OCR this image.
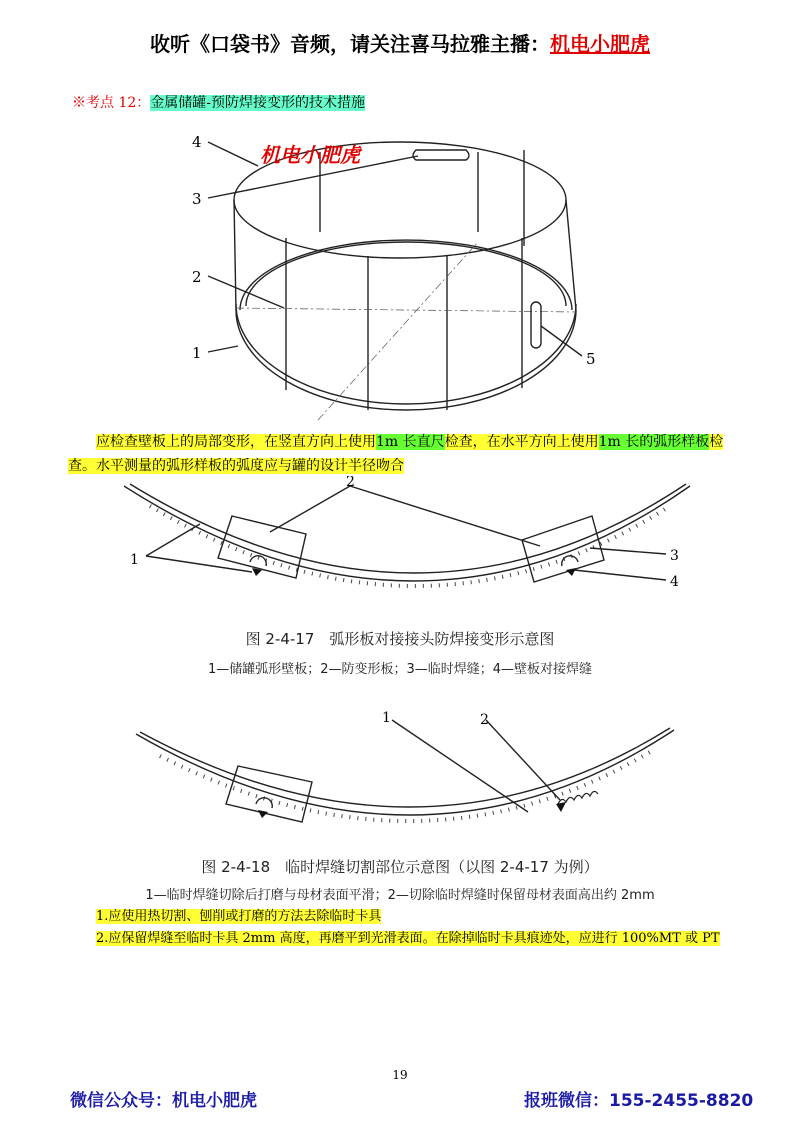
收听《口袋书》音频，请关注喜马拉雅主播：机电小肥虎
※考点 12：金属储罐-预防焊接变形的技术措施
4
3
2
1	5
机电小肥虎
应检查壁板上的局部变形，在竖直方向上使用1m 长直尺检查，在水平方向上使用1m 长的弧形样板检查。水平测量的弧形样板的弧度应与罐的设计半径吻合
2
1	3
4
图 2-4-17　弧形板对接接头防焊接变形示意图
1—储罐弧形壁板；2—防变形板；3—临时焊缝；4—壁板对接焊缝
1	2
图 2-4-18　临时焊缝切割部位示意图（以图 2-4-17 为例）
1—临时焊缝切除后打磨与母材表面平滑；2—切除临时焊缝时保留母材表面高出约 2mm
1.应使用热切割、刨削或打磨的方法去除临时卡具
2.应保留焊缝至临时卡具 2mm 高度，再磨平到光滑表面。在除掉临时卡具痕迹处，应进行 100%MT 或 PT
19
微信公众号：机电小肥虎	报班微信：155-2455-8820
